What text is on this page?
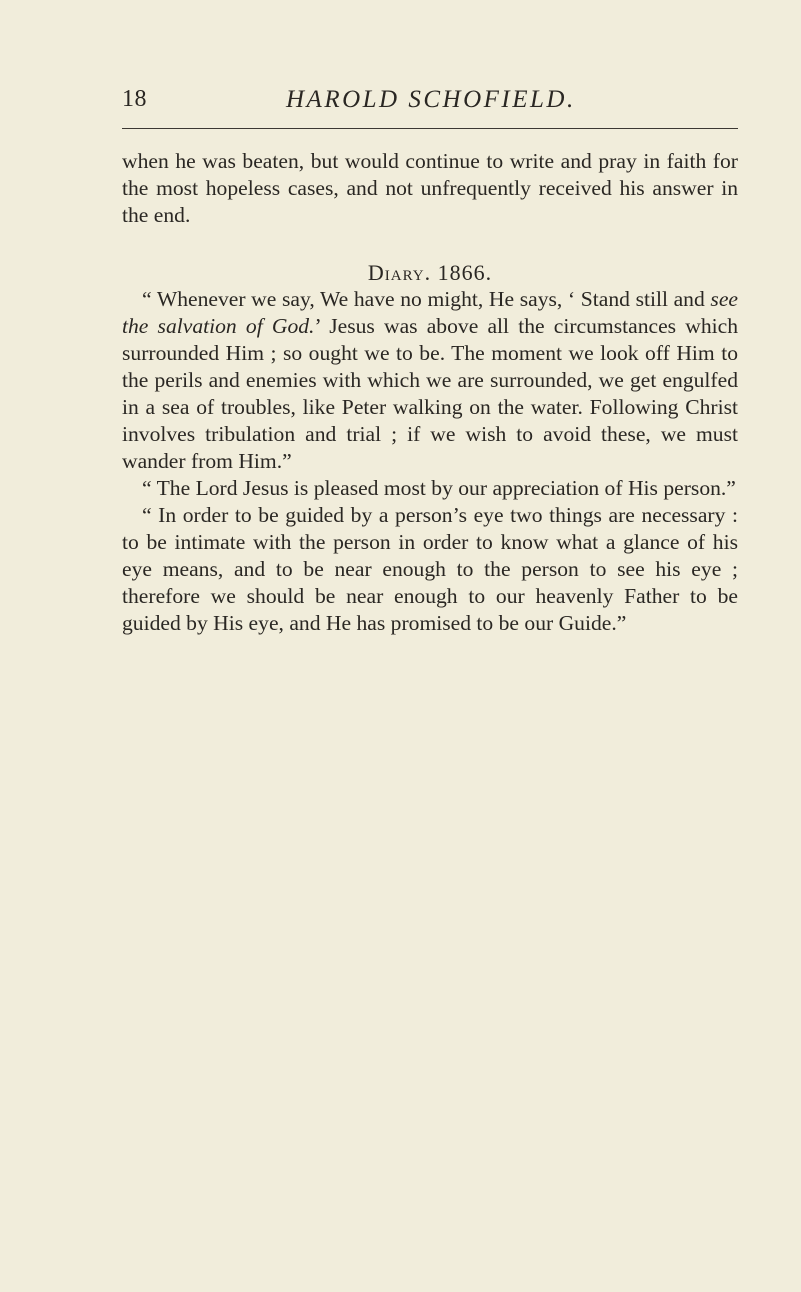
18	HAROLD SCHOFIELD.

when he was beaten, but would continue to write and pray in faith for the most hopeless cases, and not unfrequently received his answer in the end.

Diary. 1866.

“ Whenever we say, We have no might, He says, ‘ Stand still and see the salvation of God.’ Jesus was above all the circumstances which surrounded Him ; so ought we to be. The moment we look off Him to the perils and enemies with which we are surrounded, we get engulfed in a sea of troubles, like Peter walking on the water. Following Christ involves tribulation and trial ; if we wish to avoid these, we must wander from Him.”

“ The Lord Jesus is pleased most by our appreciation of His person.”

“ In order to be guided by a person’s eye two things are necessary : to be intimate with the person in order to know what a glance of his eye means, and to be near enough to the person to see his eye ; therefore we should be near enough to our heavenly Father to be guided by His eye, and He has promised to be our Guide.”
